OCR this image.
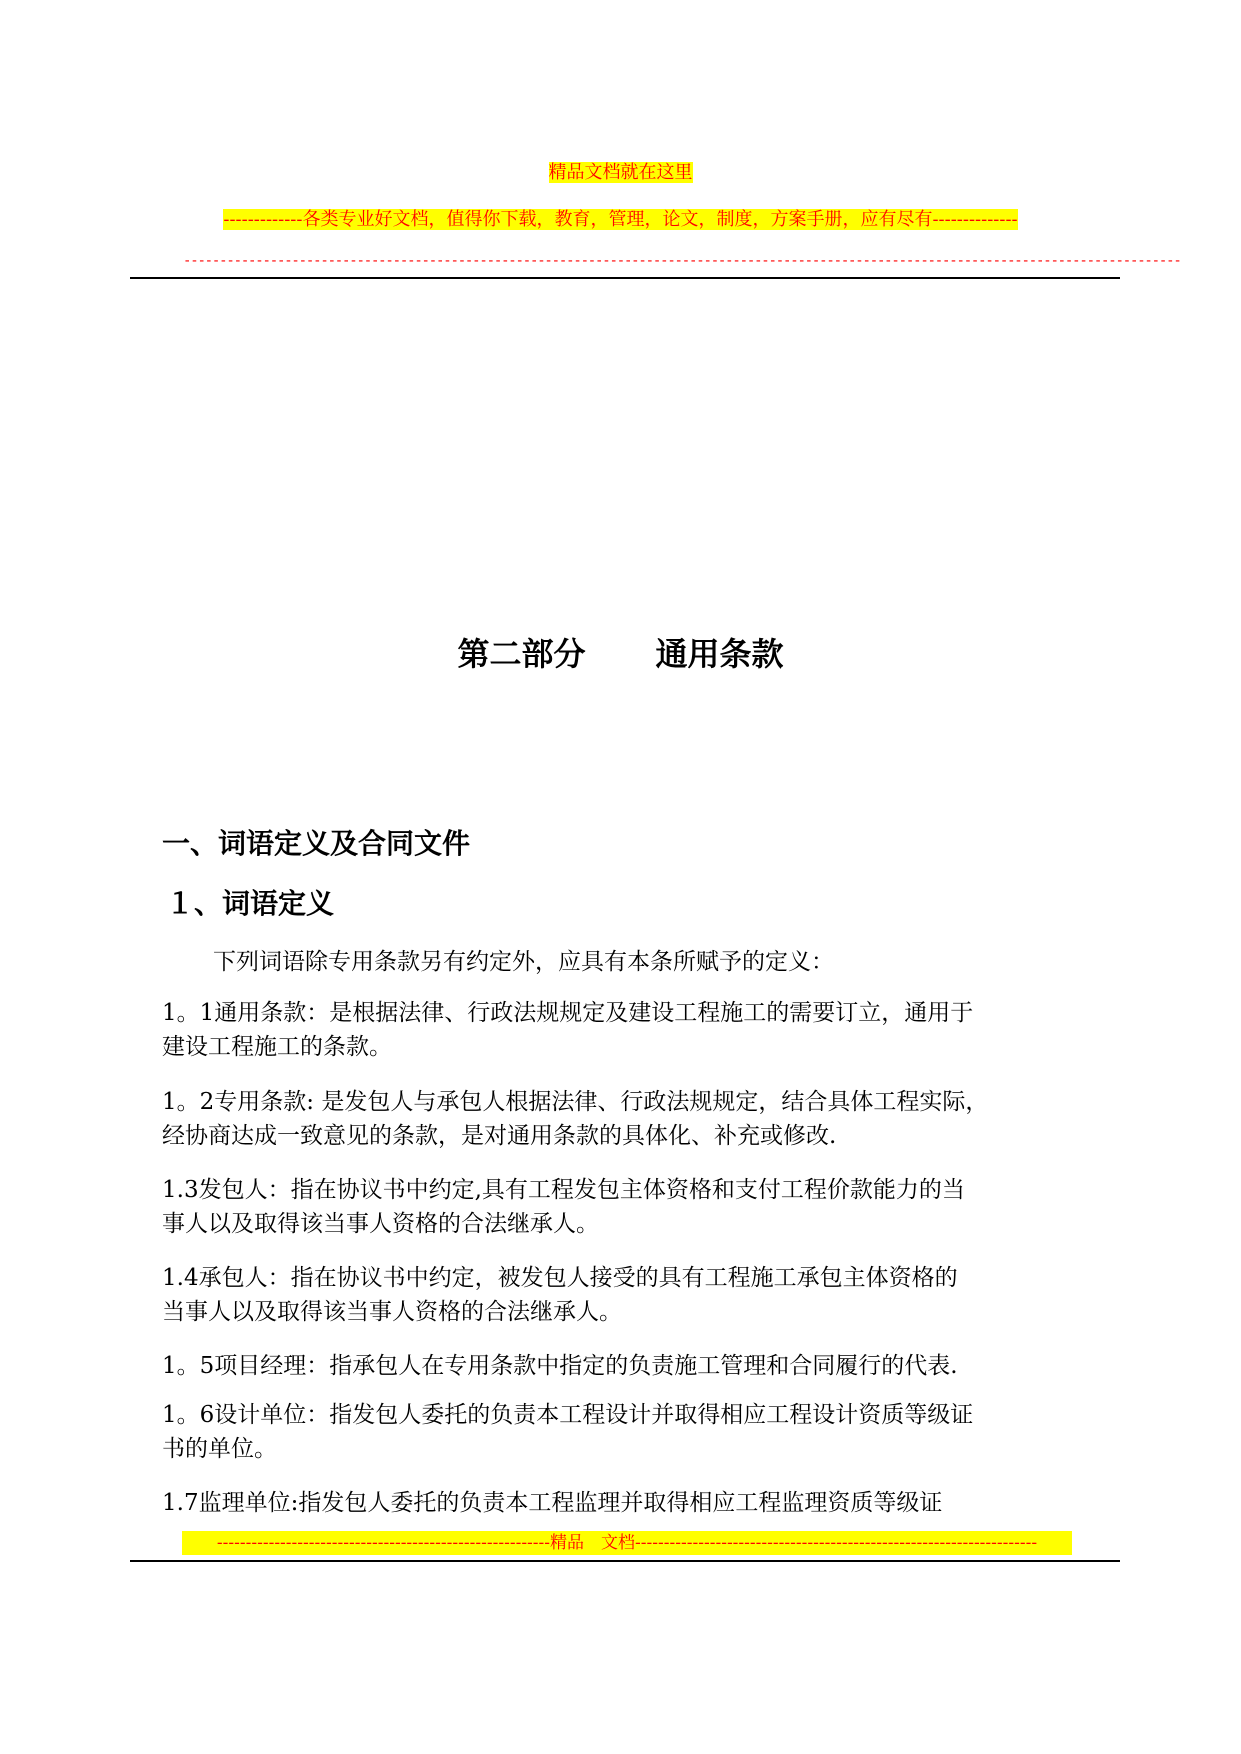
精品文档就在这里
-------------各类专业好文档，值得你下载，教育，管理，论文，制度，方案手册，应有尽有--------------
------------------------------------------------------------------------------------------------------------------------------------------
第二部分 通用条款
一、词语定义及合同文件
１、词语定义
下列词语除专用条款另有约定外，应具有本条所赋予的定义：
1。1通用条款：是根据法律、行政法规规定及建设工程施工的需要订立，通用于
建设工程施工的条款。
1。2专用条款: 是发包人与承包人根据法律、行政法规规定，结合具体工程实际，
经协商达成一致意见的条款，是对通用条款的具体化、补充或修改.
1.3发包人：指在协议书中约定,具有工程发包主体资格和支付工程价款能力的当
事人以及取得该当事人资格的合法继承人。
1.4承包人：指在协议书中约定，被发包人接受的具有工程施工承包主体资格的
当事人以及取得该当事人资格的合法继承人。
1。5项目经理：指承包人在专用条款中指定的负责施工管理和合同履行的代表.
1。6设计单位：指发包人委托的负责本工程设计并取得相应工程设计资质等级证
书的单位。
1.7监理单位:指发包人委托的负责本工程监理并取得相应工程监理资质等级证
----------------------------------------------------------精品　文档----------------------------------------------------------------------
